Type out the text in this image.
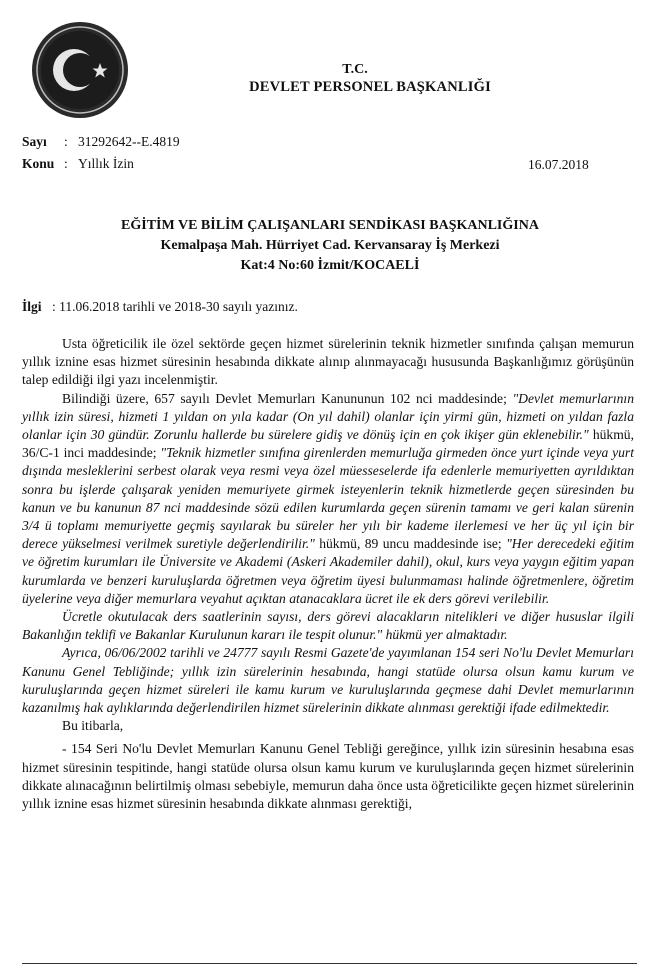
T.C.
DEVLET PERSONEL BAŞKANLIĞI
Sayı : 31292642--E.4819
Konu : Yıllık İzin	16.07.2018
EĞİTİM VE BİLİM ÇALIŞANLARI SENDİKASI BAŞKANLIĞINA
Kemalpaşa Mah. Hürriyet Cad. Kervansaray İş Merkezi
Kat:4 No:60 İzmit/KOCAELİ
İlgi : 11.06.2018 tarihli ve 2018-30 sayılı yazınız.

Usta öğreticilik ile özel sektörde geçen hizmet sürelerinin teknik hizmetler sınıfında çalışan memurun yıllık iznine esas hizmet süresinin hesabında dikkate alınıp alınmayacağı hususunda Başkanlığımız görüşünün talep edildiği ilgi yazı incelenmiştir.

Bilindiği üzere, 657 sayılı Devlet Memurları Kanununun 102 nci maddesinde; "Devlet memurlarının yıllık izin süresi, hizmeti 1 yıldan on yıla kadar (On yıl dahil) olanlar için yirmi gün, hizmeti on yıldan fazla olanlar için 30 gündür. Zorunlu hallerde bu sürelere gidiş ve dönüş için en çok ikişer gün eklenebilir." hükmü, 36/C-1 inci maddesinde; "Teknik hizmetler sınıfına girenlerden memurluğa girmeden önce yurt içinde veya yurt dışında mesleklerini serbest olarak veya resmi veya özel müesseselerde ifa edenlerle memuriyetten ayrıldıktan sonra bu işlerde çalışarak yeniden memuriyete girmek isteyenlerin teknik hizmetlerde geçen süresinden bu kanun ve bu kanunun 87 nci maddesinde sözü edilen kurumlarda geçen sürenin tamamı ve geri kalan sürenin 3/4 ü toplamı memuriyette geçmiş sayılarak bu süreler her yılı bir kademe ilerlemesi ve her üç yıl için bir derece yükselmesi verilmek suretiyle değerlendirilir." hükmü, 89 uncu maddesinde ise; "Her derecedeki eğitim ve öğretim kurumları ile Üniversite ve Akademi (Askeri Akademiler dahil), okul, kurs veya yaygın eğitim yapan kurumlarda ve benzeri kuruluşlarda öğretmen veya öğretim üyesi bulunmaması halinde öğretmenlere, öğretim üyelerine veya diğer memurlara veyahut açıktan atanacaklara ücret ile ek ders görevi verilebilir.

Ücretle okutulacak ders saatlerinin sayısı, ders görevi alacakların nitelikleri ve diğer hususlar ilgili Bakanlığın teklifi ve Bakanlar Kurulunun kararı ile tespit olunur." hükmü yer almaktadır.

Ayrıca, 06/06/2002 tarihli ve 24777 sayılı Resmi Gazete'de yayımlanan 154 seri No'lu Devlet Memurları Kanunu Genel Tebliğinde; yıllık izin sürelerinin hesabında, hangi statüde olursa olsun kamu kurum ve kuruluşlarında geçen hizmet süreleri ile kamu kurum ve kuruluşlarında geçmese dahi Devlet memurlarının kazanılmış hak aylıklarında değerlendirilen hizmet sürelerinin dikkate alınması gerektiği ifade edilmektedir.

Bu itibarla,

- 154 Seri No'lu Devlet Memurları Kanunu Genel Tebliği gereğince, yıllık izin süresinin hesabına esas hizmet süresinin tespitinde, hangi statüde olursa olsun kamu kurum ve kuruluşlarında geçen hizmet sürelerinin dikkate alınacağının belirtilmiş olması sebebiyle, memurun daha önce usta öğreticilikte geçen hizmet sürelerinin yıllık iznine esas hizmet süresinin hesabında dikkate alınması gerektiği,
